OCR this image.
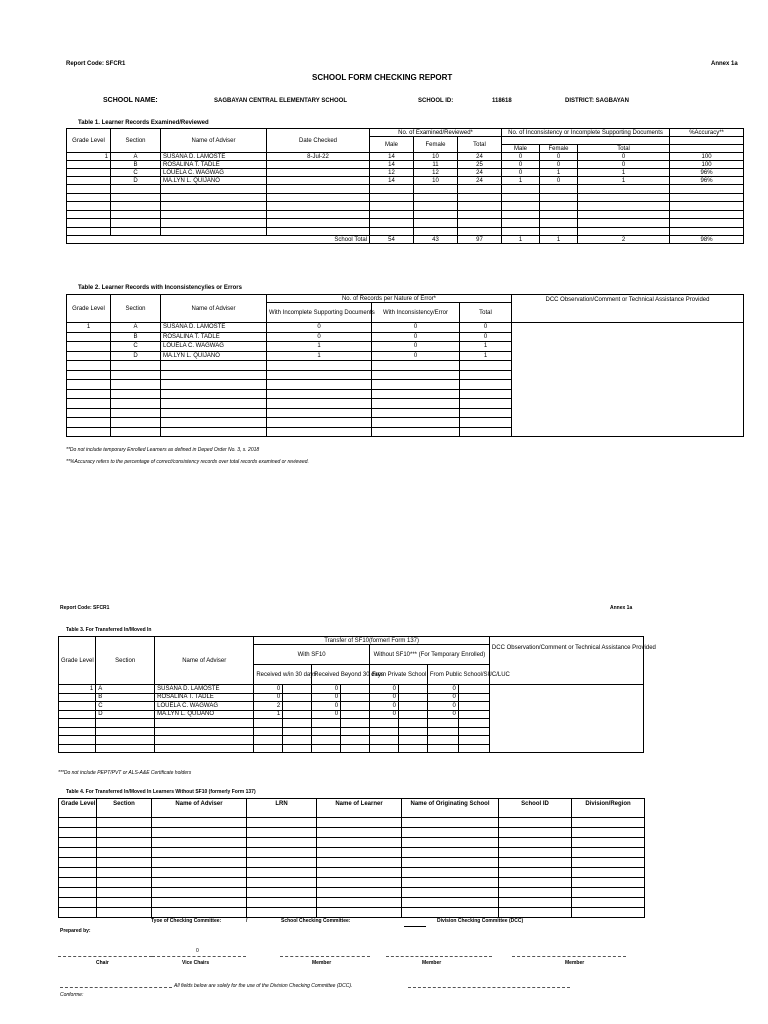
Report Code: SFCR1	Annex 1a
SCHOOL FORM CHECKING REPORT
SCHOOL NAME:	SAGBAYAN CENTRAL ELEMENTARY SCHOOL	SCHOOL ID:	118618	DISTRICT: SAGBAYAN
Table 1. Learner Records Examined/Reviewed
Grade Level	Section	Name of Adviser	Date Checked	No. of Examined/Reviewed*			No. of Inconsistency or Incomplete Supporting Documents			%Accuracy**
				Male	Female	Total				
							Male	Female	Total	
1	A	SUSANA D. LAMOSTE	8-Jul-22	14	10	24	0	0	0	100
	B	ROSALINA T. TADLE		14	11	25	0	0	0	100
	C	LOUELA C. WAGWAG		12	12	24	0	1	1	96%
	D	MA.LYN L. QUIJANO		14	10	24	1	0	1	96%

School Total				54	43	97	1	1	2	98%
Table 2. Learner Records with Inconsistency/ies or Errors
Grade Level	Section	Name of Adviser	No. of Records per Nature of Error*			DCC Observation/Comment or Technical Assistance Provided
			With Incomplete Supporting Documents	With Inconsistency/Error	Total	

1	A	SUSANA D. LAMOSTE	0	0	0	
	B	ROSALINA T. TADLE	0	0	0	
	C	LOUELA C. WAGWAG	1	0	1	
	D	MA.LYN L. QUIJANO	1	0	1	

**Do not include temporary Enrolled Learners as defined in Deped Order No. 3, s. 2018
**%Accuracy refers to the percentage of correct/consistency records over total records examined or reviewed.
Report Code: SFCR1	Annex 1a
Table 3. For Transferred In/Moved In
Grade Level	Section	Name of Adviser	Transfer of SF10(formerl Form 137)								DCC Observation/Comment or Technical Assistance Provided
			With SF10				Without SF10*** (For Temporary Enrolled)				

			Received w/in 30 days		Received Beyond 30 days		From Private School		From Public School/SUC/LUC		
1	A	SUSANA D. LAMOSTE	0		0		0		0		
	B	ROSALINA T. TADLE	0		0		0		0		
	C	LOUELA C. WAGWAG	2		0		0		0		
	D	MA.LYN L. QUIJANO	1		0		0		0		

***Do not include PEPT/PVT or ALS-A&E Certificate holders
Table 4. For Transferred In/Moved In Learners Without SF10 (formerly Form 137)
Grade Level	Section	Name of Adviser	LRN	Name of Learner	Name of Originating School	School ID	Division/Region

Tyoe of Checking Committee:	/	School Checking Committee:	Division Checking Committee (DCC)
Prepared by:
0
Chair	Vice Chairs	Member	Member	Member
All fields below are solely for the use of the Division Checking Committee (DCC).
Conforme:
